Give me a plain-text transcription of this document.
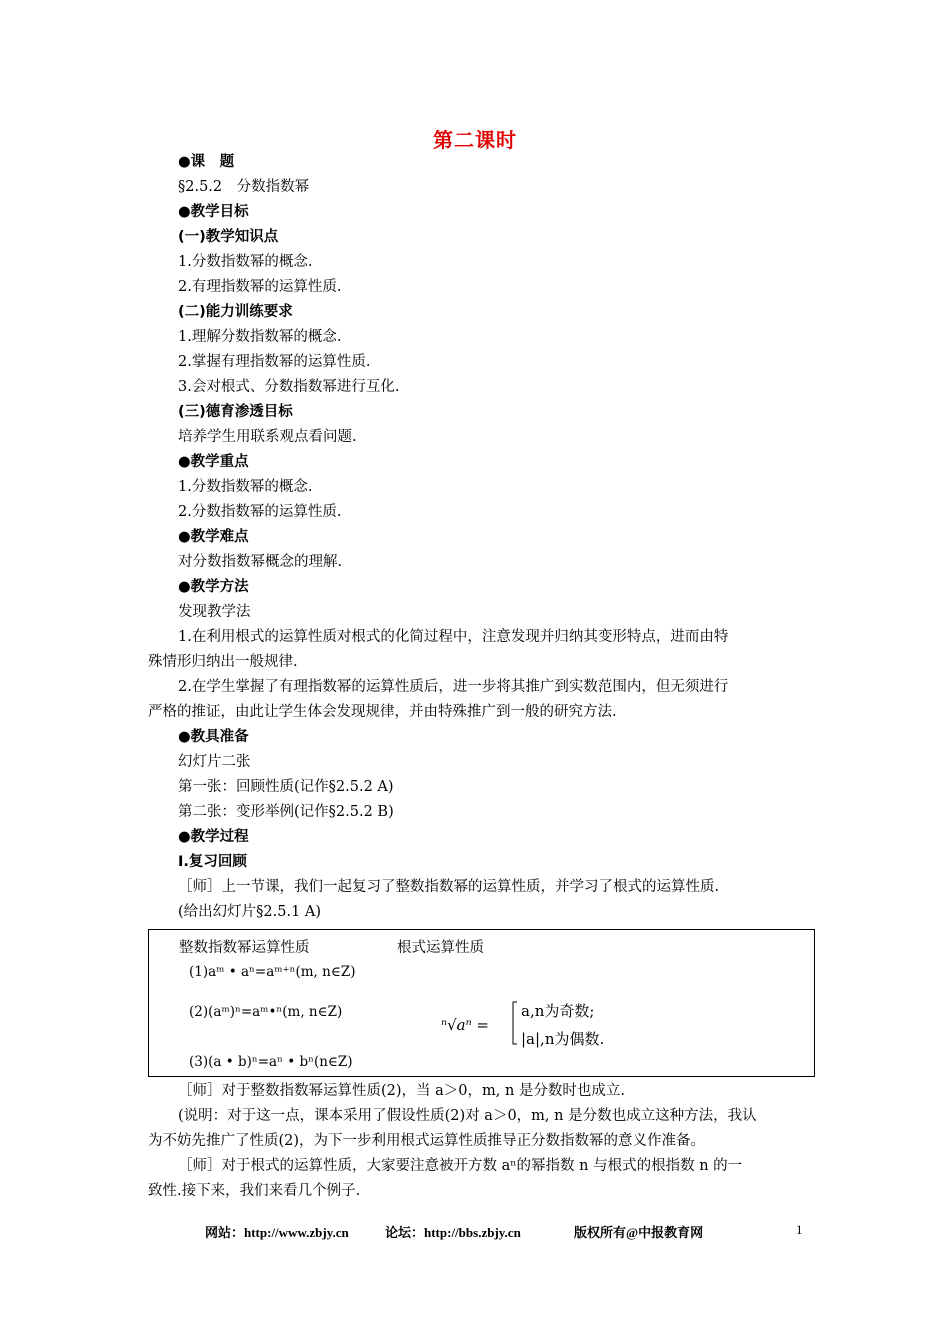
第二课时
●课　题
§2.5.2　分数指数幂
●教学目标
(一)教学知识点
1.分数指数幂的概念.
2.有理指数幂的运算性质.
(二)能力训练要求
1.理解分数指数幂的概念.
2.掌握有理指数幂的运算性质.
3.会对根式、分数指数幂进行互化.
(三)德育渗透目标
培养学生用联系观点看问题.
●教学重点
1.分数指数幂的概念.
2.分数指数幂的运算性质.
●教学难点
对分数指数幂概念的理解.
●教学方法
发现教学法
1.在利用根式的运算性质对根式的化简过程中，注意发现并归纳其变形特点，进而由特
殊情形归纳出一般规律.
2.在学生掌握了有理指数幂的运算性质后，进一步将其推广到实数范围内，但无须进行
严格的推证，由此让学生体会发现规律，并由特殊推广到一般的研究方法.
●教具准备
幻灯片二张
第一张：回顾性质(记作§2.5.2 A)
第二张：变形举例(记作§2.5.2 B)
●教学过程
Ⅰ.复习回顾
［师］上一节课，我们一起复习了整数指数幂的运算性质，并学习了根式的运算性质.
(给出幻灯片§2.5.1 A)
整数指数幂运算性质	根式运算性质
(1)aᵐ • aⁿ=aᵐ⁺ⁿ(m, n∈Z)
(2)(aᵐ)ⁿ=aᵐ•ⁿ(m, n∈Z)
(3)(a • b)ⁿ=aⁿ • bⁿ(n∈Z)
ⁿ√aⁿ =
a,n为奇数;
|a|,n为偶数.
［师］对于整数指数幂运算性质(2)，当 a＞0，m, n 是分数时也成立.
(说明：对于这一点，课本采用了假设性质(2)对 a＞0，m, n 是分数也成立这种方法，我认
为不妨先推广了性质(2)，为下一步利用根式运算性质推导正分数指数幂的意义作准备。
［师］对于根式的运算性质，大家要注意被开方数 aⁿ的幂指数 n 与根式的根指数 n 的一
致性.接下来，我们来看几个例子.
网站：http://www.zbjy.cn	论坛：http://bbs.zbjy.cn	版权所有@中报教育网	1
